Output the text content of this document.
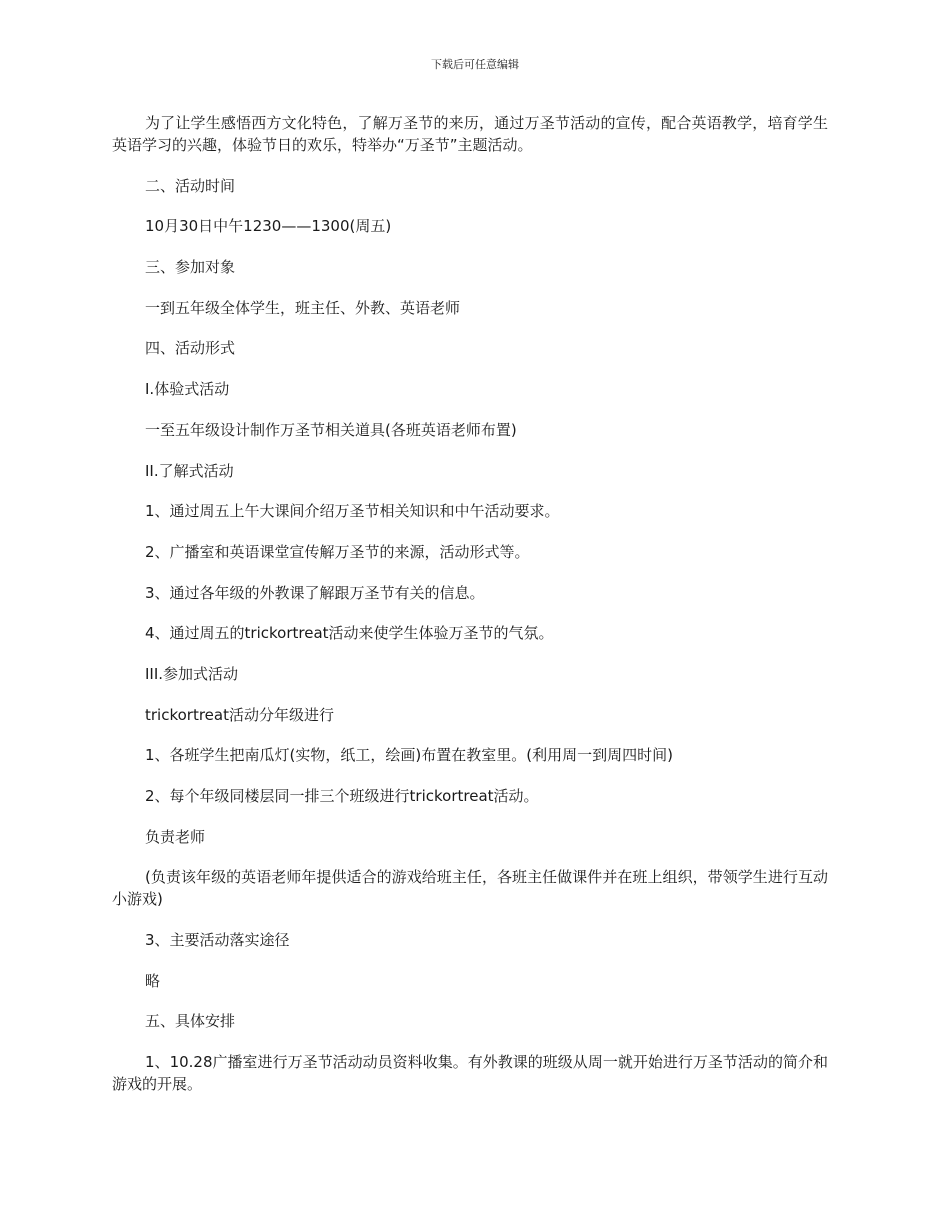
下载后可任意编辑

为了让学生感悟西方文化特色，了解万圣节的来历，通过万圣节活动的宣传，配合英语教学，培育学生英语学习的兴趣，体验节日的欢乐，特举办“万圣节”主题活动。

二、活动时间

10月30日中午1230——1300(周五)

三、参加对象

一到五年级全体学生，班主任、外教、英语老师

四、活动形式

I.体验式活动

一至五年级设计制作万圣节相关道具(各班英语老师布置)

II.了解式活动

1、通过周五上午大课间介绍万圣节相关知识和中午活动要求。

2、广播室和英语课堂宣传解万圣节的来源，活动形式等。

3、通过各年级的外教课了解跟万圣节有关的信息。

4、通过周五的trickortreat活动来使学生体验万圣节的气氛。

III.参加式活动

trickortreat活动分年级进行

1、各班学生把南瓜灯(实物，纸工，绘画)布置在教室里。(利用周一到周四时间)

2、每个年级同楼层同一排三个班级进行trickortreat活动。

负责老师

(负责该年级的英语老师年提供适合的游戏给班主任，各班主任做课件并在班上组织，带领学生进行互动小游戏)

3、主要活动落实途径

略

五、具体安排

1、10.28广播室进行万圣节活动动员资料收集。有外教课的班级从周一就开始进行万圣节活动的简介和游戏的开展。
